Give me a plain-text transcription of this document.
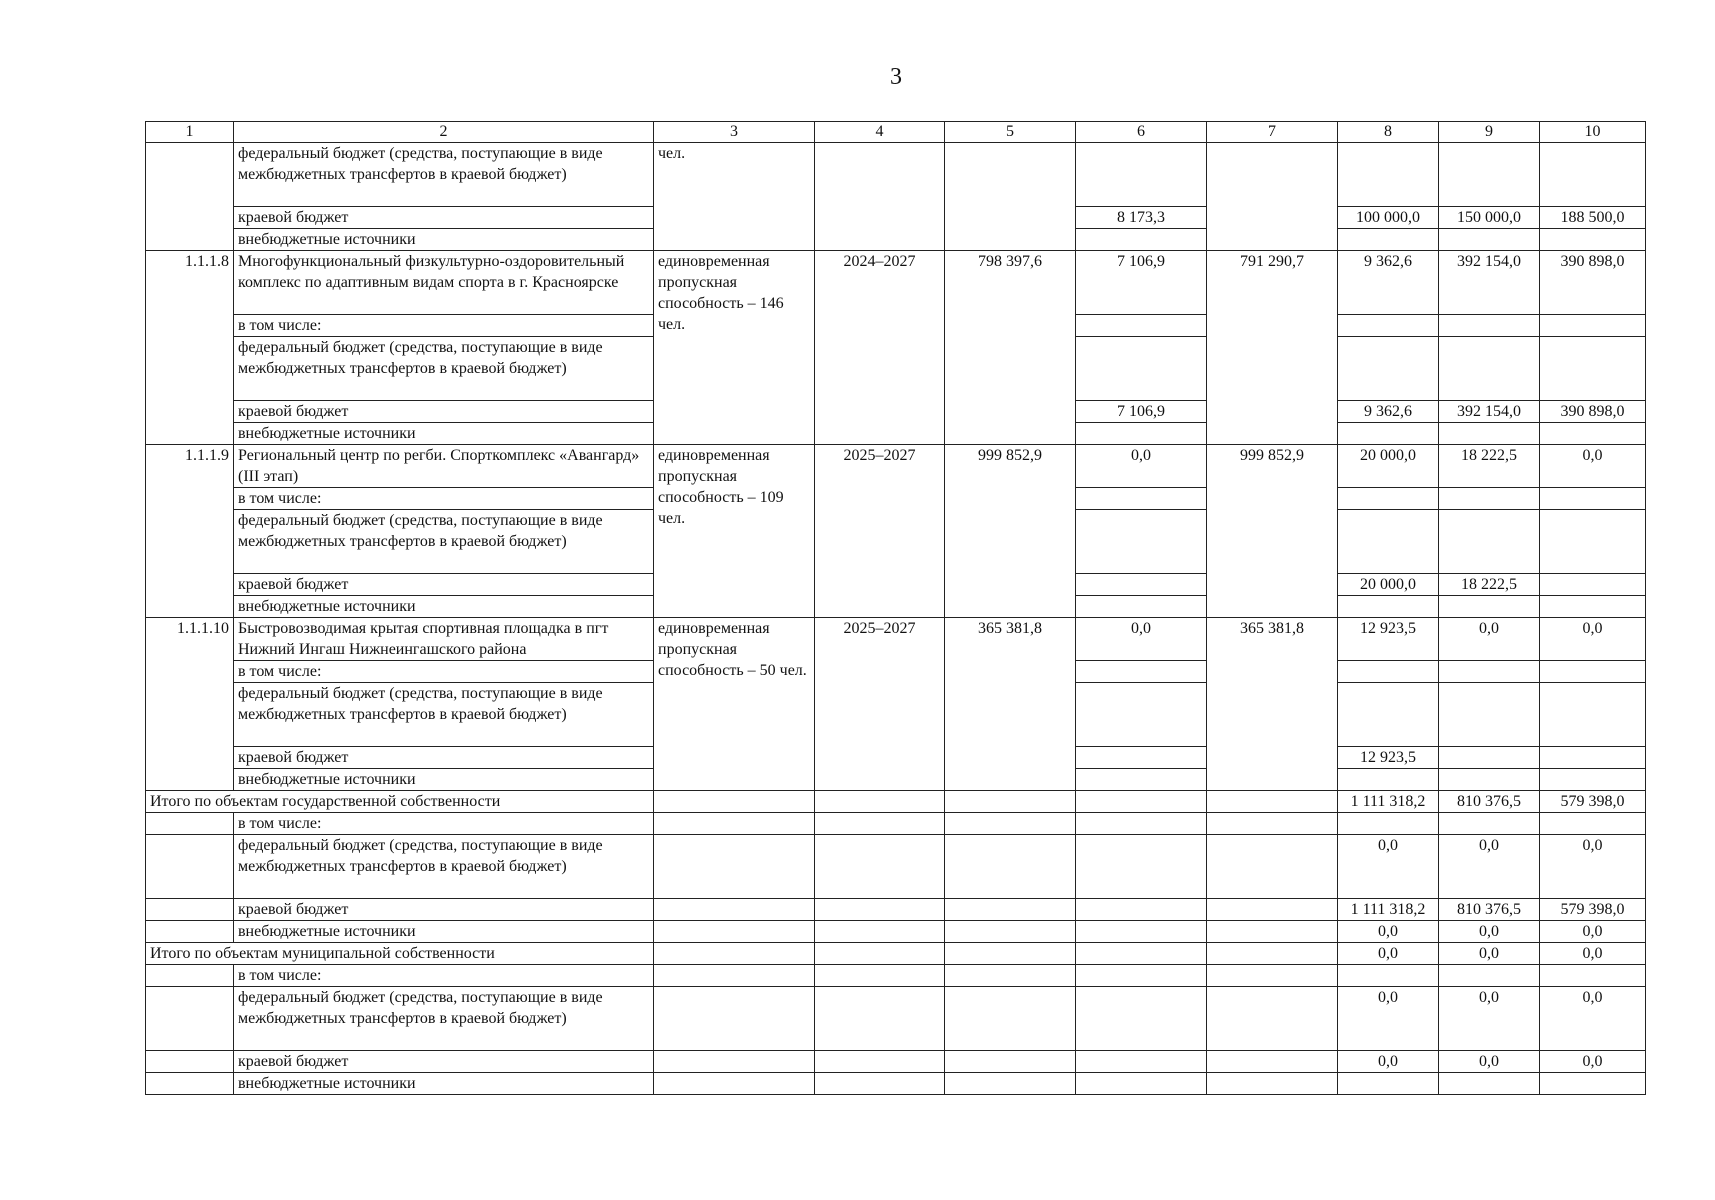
3
1	2	3	4	5	6	7	8	9	10
	федеральный бюджет (средства, поступающие в виде межбюджетных трансфертов в краевой бюджет)	чел.							
	краевой бюджет				8 173,3		100 000,0	150 000,0	188 500,0
	внебюджетные источники								
1.1.1.8	Многофункциональный физкультурно-оздоровительный комплекс по адаптивным видам спорта в г. Красноярске	единовременная пропускная способность – 146 чел.	2024–2027	798 397,6	7 106,9	791 290,7	9 362,6	392 154,0	390 898,0
	в том числе:								
	федеральный бюджет (средства, поступающие в виде межбюджетных трансфертов в краевой бюджет)								
	краевой бюджет				7 106,9		9 362,6	392 154,0	390 898,0
	внебюджетные источники								
1.1.1.9	Региональный центр по регби. Спорткомплекс «Авангард» (III этап)	единовременная пропускная способность – 109 чел.	2025–2027	999 852,9	0,0	999 852,9	20 000,0	18 222,5	0,0
	в том числе:								
	федеральный бюджет (средства, поступающие в виде межбюджетных трансфертов в краевой бюджет)								
	краевой бюджет						20 000,0	18 222,5	
	внебюджетные источники								
1.1.1.10	Быстровозводимая крытая спортивная площадка в пгт Нижний Ингаш Нижнеингашского района	единовременная пропускная способность – 50 чел.	2025–2027	365 381,8	0,0	365 381,8	12 923,5	0,0	0,0
	в том числе:								
	федеральный бюджет (средства, поступающие в виде межбюджетных трансфертов в краевой бюджет)								
	краевой бюджет						12 923,5		
	внебюджетные источники								
Итого по объектам государственной собственности							1 111 318,2	810 376,5	579 398,0
	в том числе:								
	федеральный бюджет (средства, поступающие в виде межбюджетных трансфертов в краевой бюджет)						0,0	0,0	0,0
	краевой бюджет						1 111 318,2	810 376,5	579 398,0
	внебюджетные источники						0,0	0,0	0,0
Итого по объектам муниципальной собственности							0,0	0,0	0,0
	в том числе:								
	федеральный бюджет (средства, поступающие в виде межбюджетных трансфертов в краевой бюджет)						0,0	0,0	0,0
	краевой бюджет						0,0	0,0	0,0
	внебюджетные источники								
